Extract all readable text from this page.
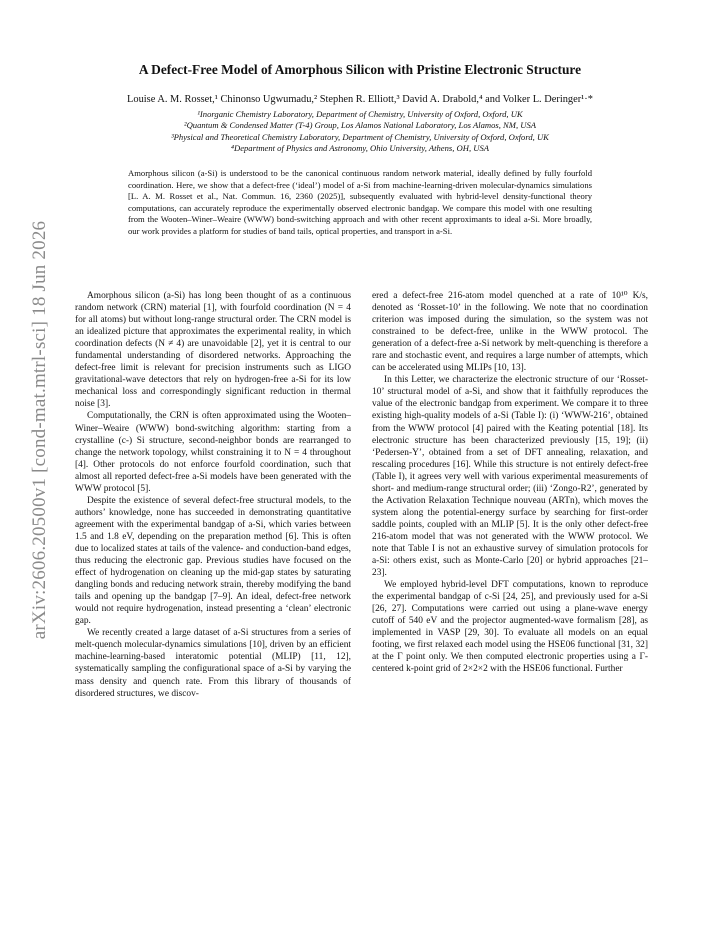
arXiv:2606.20500v1 [cond-mat.mtrl-sci] 18 Jun 2026
A Defect-Free Model of Amorphous Silicon with Pristine Electronic Structure
Louise A. M. Rosset,¹ Chinonso Ugwumadu,² Stephen R. Elliott,³ David A. Drabold,⁴ and Volker L. Deringer¹·*
¹Inorganic Chemistry Laboratory, Department of Chemistry, University of Oxford, Oxford, UK
²Quantum & Condensed Matter (T-4) Group, Los Alamos National Laboratory, Los Alamos, NM, USA
³Physical and Theoretical Chemistry Laboratory, Department of Chemistry, University of Oxford, Oxford, UK
⁴Department of Physics and Astronomy, Ohio University, Athens, OH, USA
Amorphous silicon (a-Si) is understood to be the canonical continuous random network material, ideally defined by fully fourfold coordination. Here, we show that a defect-free (‘ideal’) model of a-Si from machine-learning-driven molecular-dynamics simulations [L. A. M. Rosset et al., Nat. Commun. 16, 2360 (2025)], subsequently evaluated with hybrid-level density-functional theory computations, can accurately reproduce the experimentally observed electronic bandgap. We compare this model with one resulting from the Wooten–Winer–Weaire (WWW) bond-switching approach and with other recent approximants to ideal a-Si. More broadly, our work provides a platform for studies of band tails, optical properties, and transport in a-Si.

Amorphous silicon (a-Si) has long been thought of as a continuous random network (CRN) material [1], with fourfold coordination (N = 4 for all atoms) but without long-range structural order. The CRN model is an idealized picture that approximates the experimental reality, in which coordination defects (N ≠ 4) are unavoidable [2], yet it is central to our fundamental understanding of disordered networks. Approaching the defect-free limit is relevant for precision instruments such as LIGO gravitational-wave detectors that rely on hydrogen-free a-Si for its low mechanical loss and correspondingly significant reduction in thermal noise [3].

Computationally, the CRN is often approximated using the Wooten–Winer–Weaire (WWW) bond-switching algorithm: starting from a crystalline (c-) Si structure, second-neighbor bonds are rearranged to change the network topology, whilst constraining it to N = 4 throughout [4]. Other protocols do not enforce fourfold coordination, such that almost all reported defect-free a-Si models have been generated with the WWW protocol [5].

Despite the existence of several defect-free structural models, to the authors’ knowledge, none has succeeded in demonstrating quantitative agreement with the experimental bandgap of a-Si, which varies between 1.5 and 1.8 eV, depending on the preparation method [6]. This is often due to localized states at tails of the valence- and conduction-band edges, thus reducing the electronic gap. Previous studies have focused on the effect of hydrogenation on cleaning up the mid-gap states by saturating dangling bonds and reducing network strain, thereby modifying the band tails and opening up the bandgap [7–9]. An ideal, defect-free network would not require hydrogenation, instead presenting a ‘clean’ electronic gap.

We recently created a large dataset of a-Si structures from a series of melt-quench molecular-dynamics simulations [10], driven by an efficient machine-learning-based interatomic potential (MLIP) [11, 12], systematically sampling the configurational space of a-Si by varying the mass density and quench rate. From this library of thousands of disordered structures, we discov-

ered a defect-free 216-atom model quenched at a rate of 10¹⁰ K/s, denoted as ‘Rosset-10’ in the following. We note that no coordination criterion was imposed during the simulation, so the system was not constrained to be defect-free, unlike in the WWW protocol. The generation of a defect-free a-Si network by melt-quenching is therefore a rare and stochastic event, and requires a large number of attempts, which can be accelerated using MLIPs [10, 13].

In this Letter, we characterize the electronic structure of our ‘Rosset-10’ structural model of a-Si, and show that it faithfully reproduces the value of the electronic bandgap from experiment. We compare it to three existing high-quality models of a-Si (Table I): (i) ‘WWW-216’, obtained from the WWW protocol [4] paired with the Keating potential [18]. Its electronic structure has been characterized previously [15, 19]; (ii) ‘Pedersen-Y’, obtained from a set of DFT annealing, relaxation, and rescaling procedures [16]. While this structure is not entirely defect-free (Table I), it agrees very well with various experimental measurements of short- and medium-range structural order; (iii) ‘Zongo-R2’, generated by the Activation Relaxation Technique nouveau (ARTn), which moves the system along the potential-energy surface by searching for first-order saddle points, coupled with an MLIP [5]. It is the only other defect-free 216-atom model that was not generated with the WWW protocol. We note that Table I is not an exhaustive survey of simulation protocols for a-Si: others exist, such as Monte-Carlo [20] or hybrid approaches [21–23].

We employed hybrid-level DFT computations, known to reproduce the experimental bandgap of c-Si [24, 25], and previously used for a-Si [26, 27]. Computations were carried out using a plane-wave energy cutoff of 540 eV and the projector augmented-wave formalism [28], as implemented in VASP [29, 30]. To evaluate all models on an equal footing, we first relaxed each model using the HSE06 functional [31, 32] at the Γ point only. We then computed electronic properties using a Γ-centered k-point grid of 2×2×2 with the HSE06 functional. Further
